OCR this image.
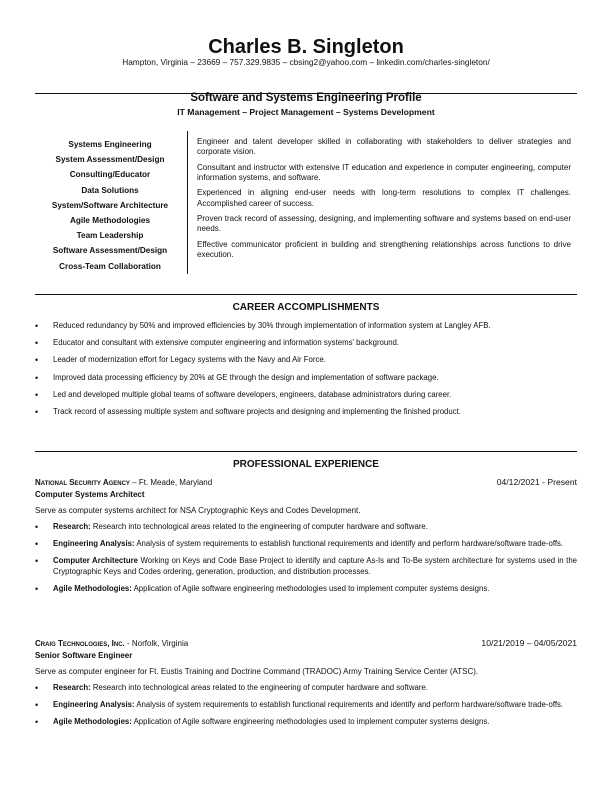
Charles B. Singleton
Hampton, Virginia – 23669 – 757.329.9835 – cbsing2@yahoo.com – linkedin.com/charles-singleton/
Software and Systems Engineering Profile
IT Management – Project Management – Systems Development
Systems Engineering
System Assessment/Design
Consulting/Educator
Data Solutions
System/Software Architecture
Agile Methodologies
Team Leadership
Software Assessment/Design
Cross-Team Collaboration

Engineer and talent developer skilled in collaborating with stakeholders to deliver strategies and corporate vision.

Consultant and instructor with extensive IT education and experience in computer engineering, computer information systems, and software.

Experienced in aligning end-user needs with long-term resolutions to complex IT challenges. Accomplished career of success.

Proven track record of assessing, designing, and implementing software and systems based on end-user needs.

Effective communicator proficient in building and strengthening relationships across functions to drive execution.

CAREER ACCOMPLISHMENTS
• Reduced redundancy by 50% and improved efficiencies by 30% through implementation of information system at Langley AFB.
• Educator and consultant with extensive computer engineering and information systems' background.
• Leader of modernization effort for Legacy systems with the Navy and Air Force.
• Improved data processing efficiency by 20% at GE through the design and implementation of software package.
• Led and developed multiple global teams of software developers, engineers, database administrators during career.
• Track record of assessing multiple system and software projects and designing and implementing the finished product.
PROFESSIONAL EXPERIENCE
National Security Agency – Ft. Meade, Maryland	04/12/2021 - Present
Computer Systems Architect
Serve as computer systems architect for NSA Cryptographic Keys and Codes Development.
• Research: Research into technological areas related to the engineering of computer hardware and software.
• Engineering Analysis: Analysis of system requirements to establish functional requirements and identify and perform hardware/software trade-offs.
• Computer Architecture Working on Keys and Code Base Project to identify and capture As-Is and To-Be system architecture for systems used in the Cryptographic Keys and Codes ordering, generation, production, and distribution processes.
• Agile Methodologies: Application of Agile software engineering methodologies used to implement computer systems designs.
Craig Technologies, Inc. - Norfolk, Virginia	10/21/2019 – 04/05/2021
Senior Software Engineer
Serve as computer engineer for Ft. Eustis Training and Doctrine Command (TRADOC) Army Training Service Center (ATSC).
• Research: Research into technological areas related to the engineering of computer hardware and software.
• Engineering Analysis: Analysis of system requirements to establish functional requirements and identify and perform hardware/software trade-offs.
• Agile Methodologies: Application of Agile software engineering methodologies used to implement computer systems designs.
